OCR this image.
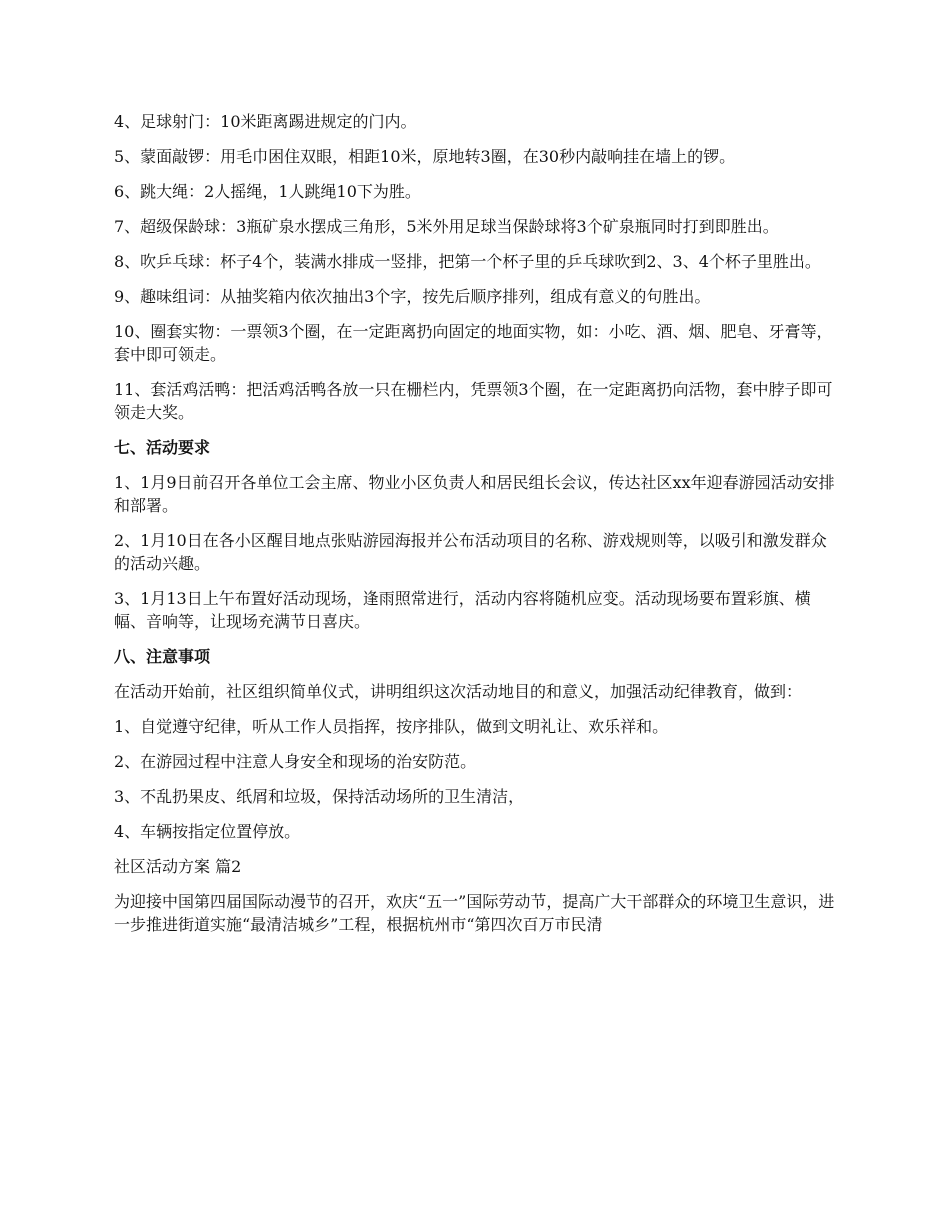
4、足球射门：10米距离踢进规定的门内。

5、蒙面敲锣：用毛巾困住双眼，相距10米，原地转3圈，在30秒内敲响挂在墙上的锣。

6、跳大绳：2人摇绳，1人跳绳10下为胜。

7、超级保龄球：3瓶矿泉水摆成三角形，5米外用足球当保龄球将3个矿泉瓶同时打到即胜出。

8、吹乒乓球：杯子4个，装满水排成一竖排，把第一个杯子里的乒乓球吹到2、3、4个杯子里胜出。

9、趣味组词：从抽奖箱内依次抽出3个字，按先后顺序排列，组成有意义的句胜出。

10、圈套实物：一票领3个圈，在一定距离扔向固定的地面实物，如：小吃、酒、烟、肥皂、牙膏等，套中即可领走。

11、套活鸡活鸭：把活鸡活鸭各放一只在栅栏内，凭票领3个圈，在一定距离扔向活物，套中脖子即可领走大奖。

七、活动要求

1、1月9日前召开各单位工会主席、物业小区负责人和居民组长会议，传达社区xx年迎春游园活动安排和部署。

2、1月10日在各小区醒目地点张贴游园海报并公布活动项目的名称、游戏规则等，以吸引和激发群众的活动兴趣。

3、1月13日上午布置好活动现场，逢雨照常进行，活动内容将随机应变。活动现场要布置彩旗、横幅、音响等，让现场充满节日喜庆。

八、注意事项

在活动开始前，社区组织简单仪式，讲明组织这次活动地目的和意义，加强活动纪律教育，做到：

1、自觉遵守纪律，听从工作人员指挥，按序排队，做到文明礼让、欢乐祥和。

2、在游园过程中注意人身安全和现场的治安防范。

3、不乱扔果皮、纸屑和垃圾，保持活动场所的卫生清洁，

4、车辆按指定位置停放。

社区活动方案 篇2

为迎接中国第四届国际动漫节的召开，欢庆“五一”国际劳动节，提高广大干部群众的环境卫生意识，进一步推进街道实施“最清洁城乡”工程，根据杭州市“第四次百万市民清
